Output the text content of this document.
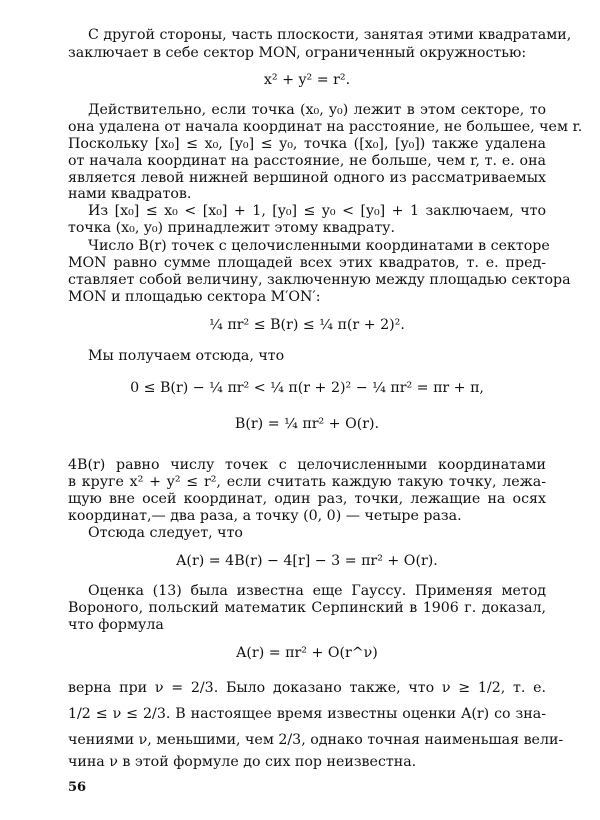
С другой стороны, часть плоскости, занятая этими квадратами,
заключает в себе сектор MON, ограниченный окружностью:
x² + y² = r².
Действительно, если точка (x₀, y₀) лежит в этом секторе, то
она удалена от начала координат на расстояние, не большее, чем r.
Поскольку [x₀] ≤ x₀, [y₀] ≤ y₀, точка ([x₀], [y₀]) также удалена
от начала координат на расстояние, не больше, чем r, т. е. она
является левой нижней вершиной одного из рассматриваемых
нами квадратов.
Из [x₀] ≤ x₀ < [x₀] + 1, [y₀] ≤ y₀ < [y₀] + 1 заключаем, что
точка (x₀, y₀) принадлежит этому квадрату.
Число B(r) точек с целочисленными координатами в секторе
MON равно сумме площадей всех этих квадратов, т. е. пред-
ставляет собой величину, заключенную между площадью сектора
MON и площадью сектора M′ON′:
¼ πr² ≤ B(r) ≤ ¼ π(r + 2)².
Мы получаем отсюда, что
0 ≤ B(r) − ¼ πr² < ¼ π(r + 2)² − ¼ πr² = πr + π,
B(r) = ¼ πr² + O(r).
4B(r) равно числу точек с целочисленными координатами
в круге x² + y² ≤ r², если считать каждую такую точку, лежа-
щую вне осей координат, один раз, точки, лежащие на осях
координат,— два раза, а точку (0, 0) — четыре раза.
Отсюда следует, что
A(r) = 4B(r) − 4[r] − 3 = πr² + O(r).
Оценка (13) была известна еще Гауссу. Применяя метод
Вороного, польский математик Серпинский в 1906 г. доказал,
что формула
A(r) = πr² + O(r^ν)
верна при ν = 2/3. Было доказано также, что ν ≥ 1/2, т. е.
1/2 ≤ ν ≤ 2/3. В настоящее время известны оценки A(r) со зна-
чениями ν, меньшими, чем 2/3, однако точная наименьшая вели-
чина ν в этой формуле до сих пор неизвестна.
56
